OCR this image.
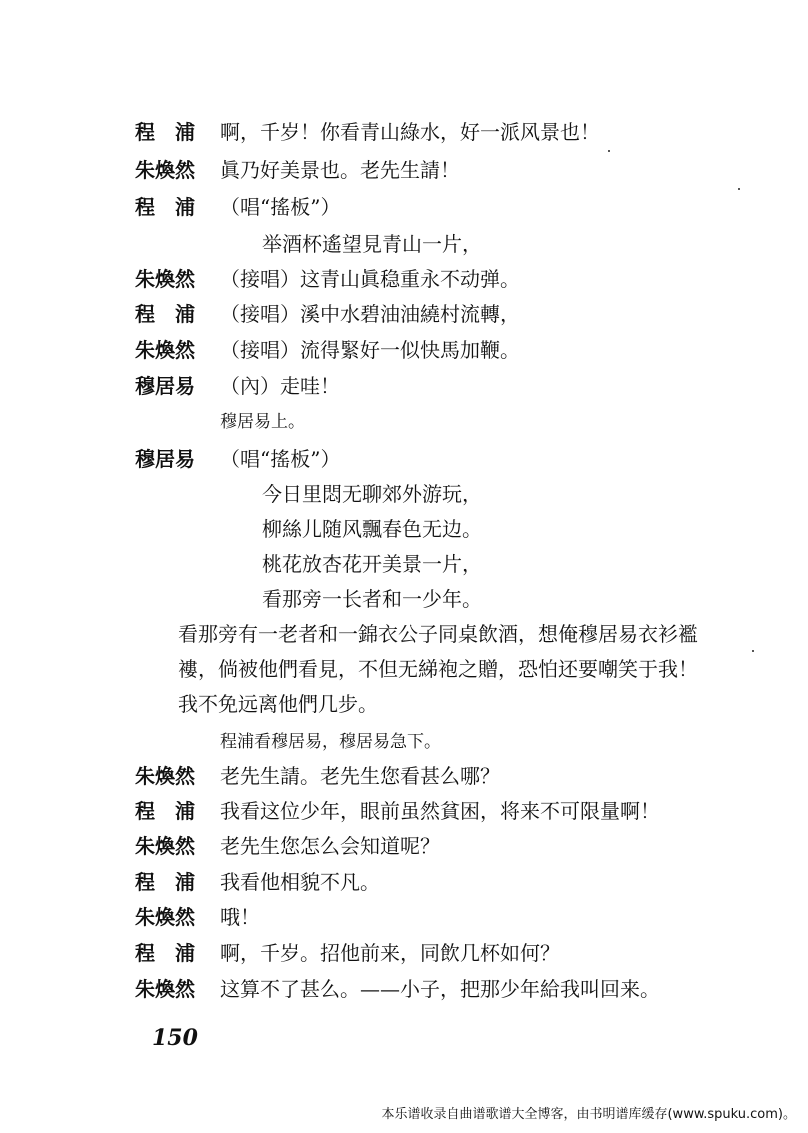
程　浦 啊，千岁！你看青山綠水，好一派风景也！
朱煥然 眞乃好美景也。老先生請！
程　浦 （唱“搖板”）
举酒杯遙望見青山一片，
朱煥然 （接唱）这青山眞稳重永不动弹。
程　浦 （接唱）溪中水碧油油繞村流轉，
朱煥然 （接唱）流得緊好一似快馬加鞭。
穆居易 （內）走哇！
穆居易上。
穆居易 （唱“搖板”）
今日里悶无聊郊外游玩，
柳絲儿随风飄春色无边。
桃花放杏花开美景一片，
看那旁一长者和一少年。
看那旁有一老者和一錦衣公子同桌飲酒，想俺穆居易衣衫襤
褸，倘被他們看見，不但无綈袍之贈，恐怕还要嘲笑于我！
我不免远离他們几步。
程浦看穆居易，穆居易急下。
朱煥然 老先生請。老先生您看甚么哪？
程　浦 我看这位少年，眼前虽然貧困，将来不可限量啊！
朱煥然 老先生您怎么会知道呢？
程　浦 我看他相貌不凡。
朱煥然 哦！
程　浦 啊，千岁。招他前来，同飲几杯如何？
朱煥然 这算不了甚么。——小子，把那少年給我叫回来。
150
本乐谱收录自曲谱歌谱大全博客，由书明谱库缓存(www.spuku.com)。
